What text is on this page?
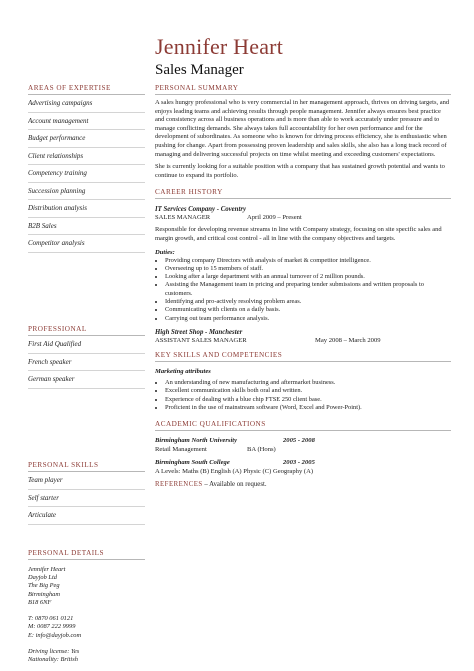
Jennifer Heart
Sales Manager
AREAS OF EXPERTISE
Advertising campaigns
Account management
Budget performance
Client relationships
Competency training
Succession planning
Distribution analysis
B2B Sales
Competitor analysis
PROFESSIONAL
First Aid Qualified
French speaker
German speaker
PERSONAL SKILLS
Team player
Self starter
Articulate
PERSONAL DETAILS
Jennifer Heart
Dayjob Ltd
The Big Peg
Birmingham
B18 6NF
T: 0870 061 0121
M: 0087 222 9999
E: info@dayjob.com
Driving license: Yes
Nationality: British
PERSONAL SUMMARY

A sales hungry professional who is very commercial in her management approach, thrives on driving targets, and enjoys leading teams and achieving results through people management. Jennifer always ensures best practice and consistency across all business operations and is more than able to work accurately under pressure and to manage conflicting demands. She always takes full accountability for her own performance and for the development of subordinates. As someone who is known for driving process efficiency, she is enthusiastic when pushing for change. Apart from possessing proven leadership and sales skills, she also has a long track record of managing and delivering successful projects on time whilst meeting and exceeding customers' expectations.

She is currently looking for a suitable position with a company that has sustained growth potential and wants to continue to expand its portfolio.

CAREER HISTORY
IT Services Company - Coventry
SALES MANAGER	April 2009 – Present

Responsible for developing revenue streams in line with Company strategy, focusing on site specific sales and margin growth, and critical cost control - all in line with the company objectives and targets.

Duties:
• Providing company Directors with analysis of market & competitor intelligence.
• Overseeing up to 15 members of staff.
• Looking after a large department with an annual turnover of 2 million pounds.
• Assisting the Management team in pricing and preparing tender submissions and written proposals to customers.
• Identifying and pro-actively resolving problem areas.
• Communicating with clients on a daily basis.
• Carrying out team performance analysis.
High Street Shop - Manchester
ASSISTANT SALES MANAGER	May 2008 – March 2009
KEY SKILLS AND COMPETENCIES
Marketing attributes
• An understanding of new manufacturing and aftermarket business.
• Excellent communication skills both oral and written.
• Experience of dealing with a blue chip FTSE 250 client base.
• Proficient in the use of mainstream software (Word, Excel and Power-Point).
ACADEMIC QUALIFICATIONS
Birmingham North University	2005 - 2008
Retail Management	BA (Hons)
Birmingham South College	2003 - 2005
A Levels: Maths (B) English (A) Physic (C) Geography (A)
REFERENCES – Available on request.
